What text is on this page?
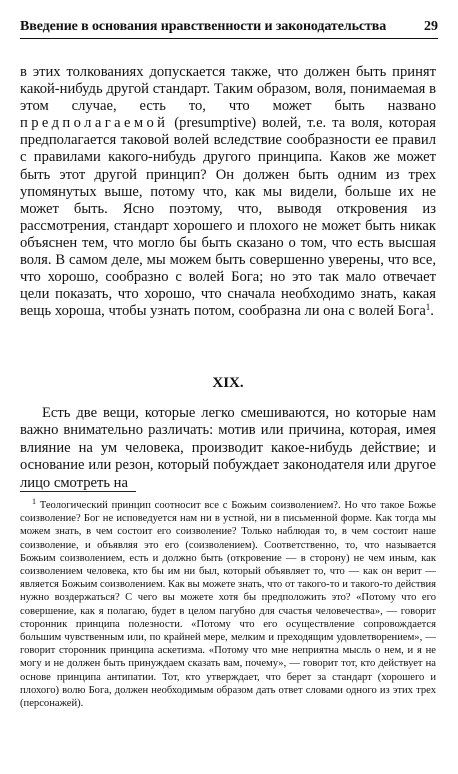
Введение в основания нравственности и законодательства	29

в этих толкованиях допускается также, что должен быть принят какой-нибудь другой стандарт. Таким образом, воля, понимаемая в этом случае, есть то, что может быть названо предполагаемой (presumptive) волей, т.е. та воля, которая предполагается таковой волей вследствие сообразности ее правил с правилами какого-нибудь другого принципа. Каков же может быть этот другой принцип? Он должен быть одним из трех упомянутых выше, потому что, как мы видели, больше их не может быть. Ясно поэтому, что, выводя откровения из рассмотрения, стандарт хорошего и плохого не может быть никак объяснен тем, что могло бы быть сказано о том, что есть высшая воля. В самом деле, мы можем быть совершенно уверены, что все, что хорошо, сообразно с волей Бога; но это так мало отвечает цели показать, что хорошо, что сначала необходимо знать, какая вещь хороша, чтобы узнать потом, сообразна ли она с волей Бога$^1$.

XIX.

Есть две вещи, которые легко смешиваются, но которые нам важно внимательно различать: мотив или причина, которая, имея влияние на ум человека, производит какое-нибудь действие; и основание или резон, который побуждает законодателя или другое лицо смотреть на

$^1$ Теологический принцип соотносит все с Божьим соизволением?. Но что такое Божье соизволение? Бог не исповедуется нам ни в устной, ни в письменной форме. Как тогда мы можем знать, в чем состоит его соизволение? Только наблюдая то, в чем состоит наше соизволение, и объявляя это его (соизволением). Соответственно, то, что называется Божьим соизволением, есть и должно быть (откровение — в сторону) не чем иным, как соизволением человека, кто бы им ни был, который объявляет то, что — как он верит — является Божьим соизволением. Как вы можете знать, что от такого-то и такого-то действия нужно воздержаться? С чего вы можете хотя бы предположить это? «Потому что его совершение, как я полагаю, будет в целом пагубно для счастья человечества», — говорит сторонник принципа полезности. «Потому что его осуществление сопровождается большим чувственным или, по крайней мере, мелким и преходящим удовлетворением», — говорит сторонник принципа аскетизма. «Потому что мне неприятна мысль о нем, и я не могу и не должен быть принуждаем сказать вам, почему», — говорит тот, кто действует на основе принципа антипатии. Тот, кто утверждает, что берет за стандарт (хорошего и плохого) волю Бога, должен необходимым образом дать ответ словами одного из этих трех (персонажей).
